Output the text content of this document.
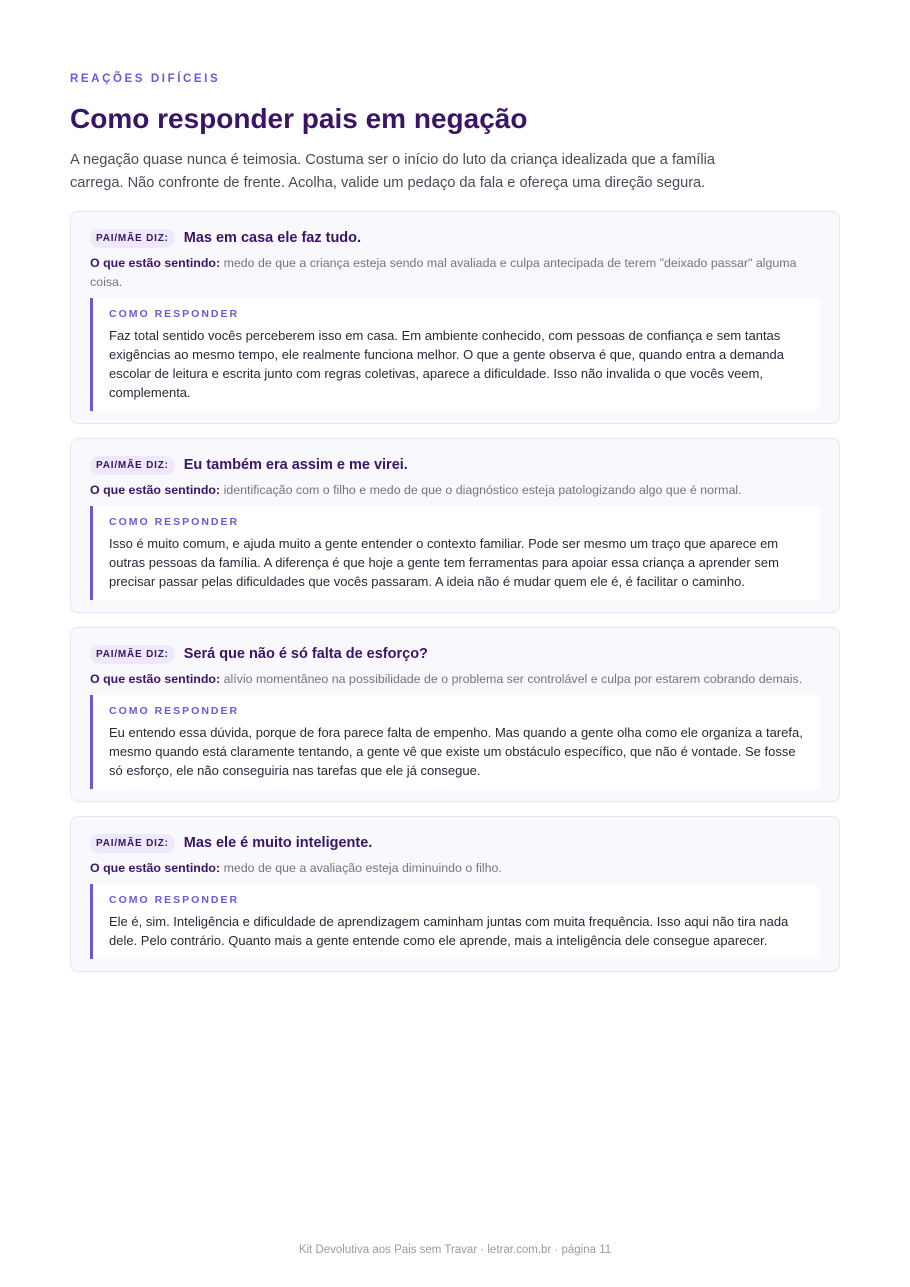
REAÇÕES DIFÍCEIS
Como responder pais em negação

A negação quase nunca é teimosia. Costuma ser o início do luto da criança idealizada que a família carrega. Não confronte de frente. Acolha, valide um pedaço da fala e ofereça uma direção segura.

PAI/MÃE DIZ:	Mas em casa ele faz tudo.

O que estão sentindo: medo de que a criança esteja sendo mal avaliada e culpa antecipada de terem "deixado passar" alguma coisa.

COMO RESPONDER

Faz total sentido vocês perceberem isso em casa. Em ambiente conhecido, com pessoas de confiança e sem tantas exigências ao mesmo tempo, ele realmente funciona melhor. O que a gente observa é que, quando entra a demanda escolar de leitura e escrita junto com regras coletivas, aparece a dificuldade. Isso não invalida o que vocês veem, complementa.

PAI/MÃE DIZ:	Eu também era assim e me virei.

O que estão sentindo: identificação com o filho e medo de que o diagnóstico esteja patologizando algo que é normal.

COMO RESPONDER

Isso é muito comum, e ajuda muito a gente entender o contexto familiar. Pode ser mesmo um traço que aparece em outras pessoas da família. A diferença é que hoje a gente tem ferramentas para apoiar essa criança a aprender sem precisar passar pelas dificuldades que vocês passaram. A ideia não é mudar quem ele é, é facilitar o caminho.

PAI/MÃE DIZ:	Será que não é só falta de esforço?

O que estão sentindo: alívio momentâneo na possibilidade de o problema ser controlável e culpa por estarem cobrando demais.

COMO RESPONDER

Eu entendo essa dúvida, porque de fora parece falta de empenho. Mas quando a gente olha como ele organiza a tarefa, mesmo quando está claramente tentando, a gente vê que existe um obstáculo específico, que não é vontade. Se fosse só esforço, ele não conseguiria nas tarefas que ele já consegue.

PAI/MÃE DIZ:	Mas ele é muito inteligente.

O que estão sentindo: medo de que a avaliação esteja diminuindo o filho.

COMO RESPONDER

Ele é, sim. Inteligência e dificuldade de aprendizagem caminham juntas com muita frequência. Isso aqui não tira nada dele. Pelo contrário. Quanto mais a gente entende como ele aprende, mais a inteligência dele consegue aparecer.

Kit Devolutiva aos Pais sem Travar · letrar.com.br · página 11
